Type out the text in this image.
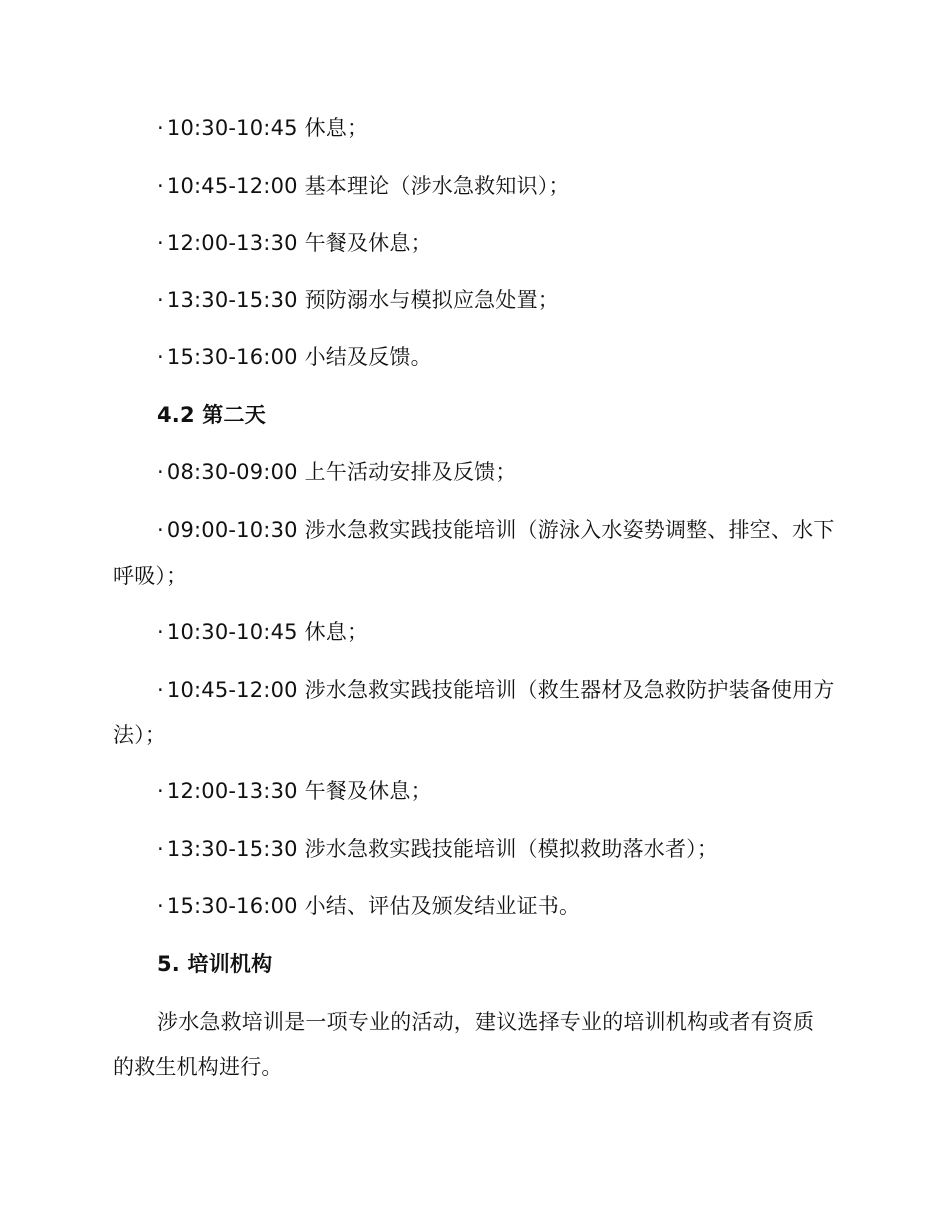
· 10:30-10:45 休息；
· 10:45-12:00 基本理论（涉水急救知识）；
· 12:00-13:30 午餐及休息；
· 13:30-15:30 预防溺水与模拟应急处置；
· 15:30-16:00 小结及反馈。
4.2 第二天
· 08:30-09:00 上午活动安排及反馈；
· 09:00-10:30 涉水急救实践技能培训（游泳入水姿势调整、排空、水下
呼吸）；
· 10:30-10:45 休息；
· 10:45-12:00 涉水急救实践技能培训（救生器材及急救防护装备使用方
法）；
· 12:00-13:30 午餐及休息；
· 13:30-15:30 涉水急救实践技能培训（模拟救助落水者）；
· 15:30-16:00 小结、评估及颁发结业证书。
5. 培训机构
涉水急救培训是一项专业的活动，建议选择专业的培训机构或者有资质
的救生机构进行。
